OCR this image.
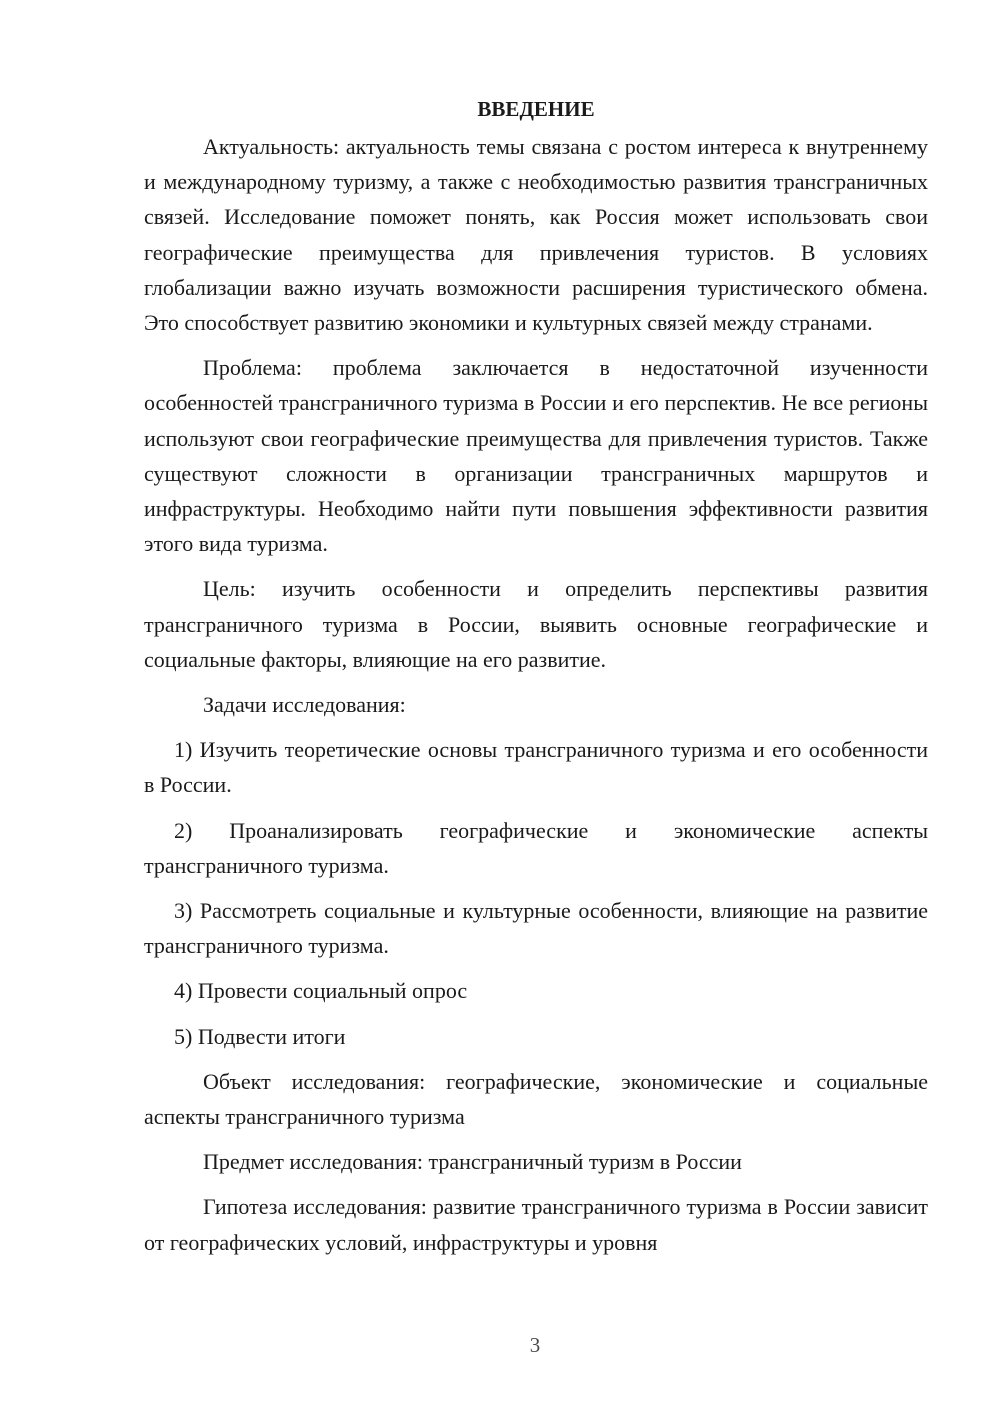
ВВЕДЕНИЕ

Актуальность: актуальность темы связана с ростом интереса к внутреннему и международному туризму, а также с необходимостью развития трансграничных связей. Исследование поможет понять, как Россия может использовать свои географические преимущества для привлечения туристов. В условиях глобализации важно изучать возможности расширения туристического обмена. Это способствует развитию экономики и культурных связей между странами.

Проблема: проблема заключается в недостаточной изученности особенностей трансграничного туризма в России и его перспектив. Не все регионы используют свои географические преимущества для привлечения туристов. Также существуют сложности в организации трансграничных маршрутов и инфраструктуры. Необходимо найти пути повышения эффективности развития этого вида туризма.

Цель: изучить особенности и определить перспективы развития трансграничного туризма в России, выявить основные географические и социальные факторы, влияющие на его развитие.

Задачи исследования:

1) Изучить теоретические основы трансграничного туризма и его особенности в России.

2) Проанализировать географические и экономические аспекты трансграничного туризма.

3) Рассмотреть социальные и культурные особенности, влияющие на развитие трансграничного туризма.

4) Провести социальный опрос

5) Подвести итоги

Объект исследования: географические, экономические и социальные аспекты трансграничного туризма

Предмет исследования: трансграничный туризм в России

Гипотеза исследования: развитие трансграничного туризма в России зависит от географических условий, инфраструктуры и уровня

3
